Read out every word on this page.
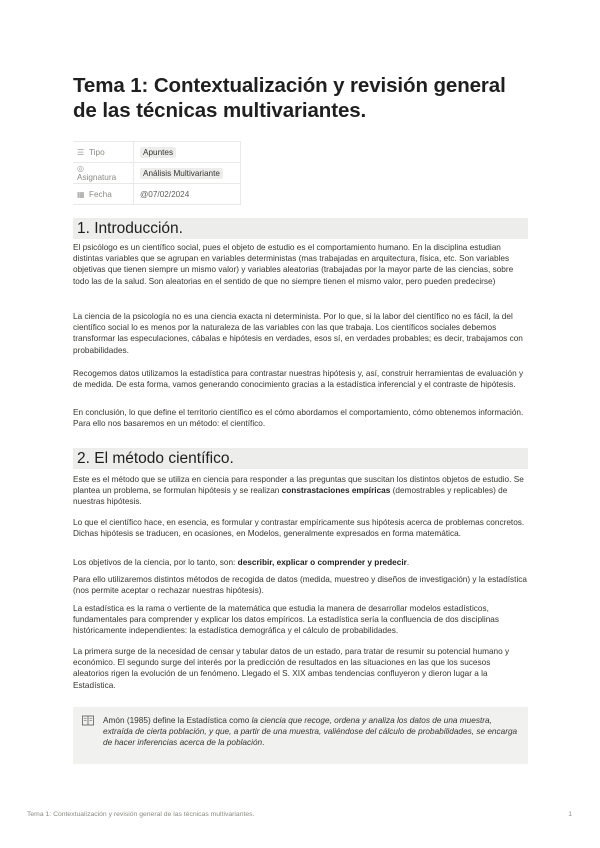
Tema 1: Contextualización y revisión general de las técnicas multivariantes.
☰ Tipo	Apuntes
◎Asignatura	Análisis Multivariante
▦ Fecha	@07/02/2024
1. Introducción.

El psicólogo es un científico social, pues el objeto de estudio es el comportamiento humano. En la disciplina estudian distintas variables que se agrupan en variables deterministas (mas trabajadas en arquitectura, física, etc. Son variables objetivas que tienen siempre un mismo valor) y variables aleatorias (trabajadas por la mayor parte de las ciencias, sobre todo las de la salud. Son aleatorias en el sentido de que no siempre tienen el mismo valor, pero pueden predecirse)

La ciencia de la psicología no es una ciencia exacta ni determinista. Por lo que, si la labor del científico no es fácil, la del científico social lo es menos por la naturaleza de las variables con las que trabaja. Los científicos sociales debemos transformar las especulaciones, cábalas e hipótesis en verdades, esos sí, en verdades probables; es decir, trabajamos con probabilidades.

Recogemos datos utilizamos la estadística para contrastar nuestras hipótesis y, así, construir herramientas de evaluación y de medida. De esta forma, vamos generando conocimiento gracias a la estadística inferencial y el contraste de hipótesis.

En conclusión, lo que define el territorio científico es el cómo abordamos el comportamiento, cómo obtenemos información. Para ello nos basaremos en un método: el científico.

2. El método científico.

Este es el método que se utiliza en ciencia para responder a las preguntas que suscitan los distintos objetos de estudio. Se plantea un problema, se formulan hipótesis y se realizan constrastaciones empíricas (demostrables y replicables) de nuestras hipótesis.

Lo que el científico hace, en esencia, es formular y contrastar empíricamente sus hipótesis acerca de problemas concretos. Dichas hipótesis se traducen, en ocasiones, en Modelos, generalmente expresados en forma matemática.

Los objetivos de la ciencia, por lo tanto, son: describir, explicar o comprender y predecir.

Para ello utilizaremos distintos métodos de recogida de datos (medida, muestreo y diseños de investigación) y la estadística (nos permite aceptar o rechazar nuestras hipótesis).

La estadística es la rama o vertiente de la matemática que estudia la manera de desarrollar modelos estadísticos, fundamentales para comprender y explicar los datos empíricos. La estadística sería la confluencia de dos disciplinas históricamente independientes: la estadística demográfica y el cálculo de probabilidades.

La primera surge de la necesidad de censar y tabular datos de un estado, para tratar de resumir su potencial humano y económico. El segundo surge del interés por la predicción de resultados en las situaciones en las que los sucesos aleatorios rigen la evolución de un fenómeno. Llegado el S. XIX ambas tendencias confluyeron y dieron lugar a la Estadística.

Amón (1985) define la Estadística como la ciencia que recoge, ordena y analiza los datos de una muestra, extraída de cierta población, y que, a partir de una muestra, valiéndose del cálculo de probabilidades, se encarga de hacer inferencias acerca de la población.
Tema 1: Contextualización y revisión general de las técnicas multivariantes.	1
